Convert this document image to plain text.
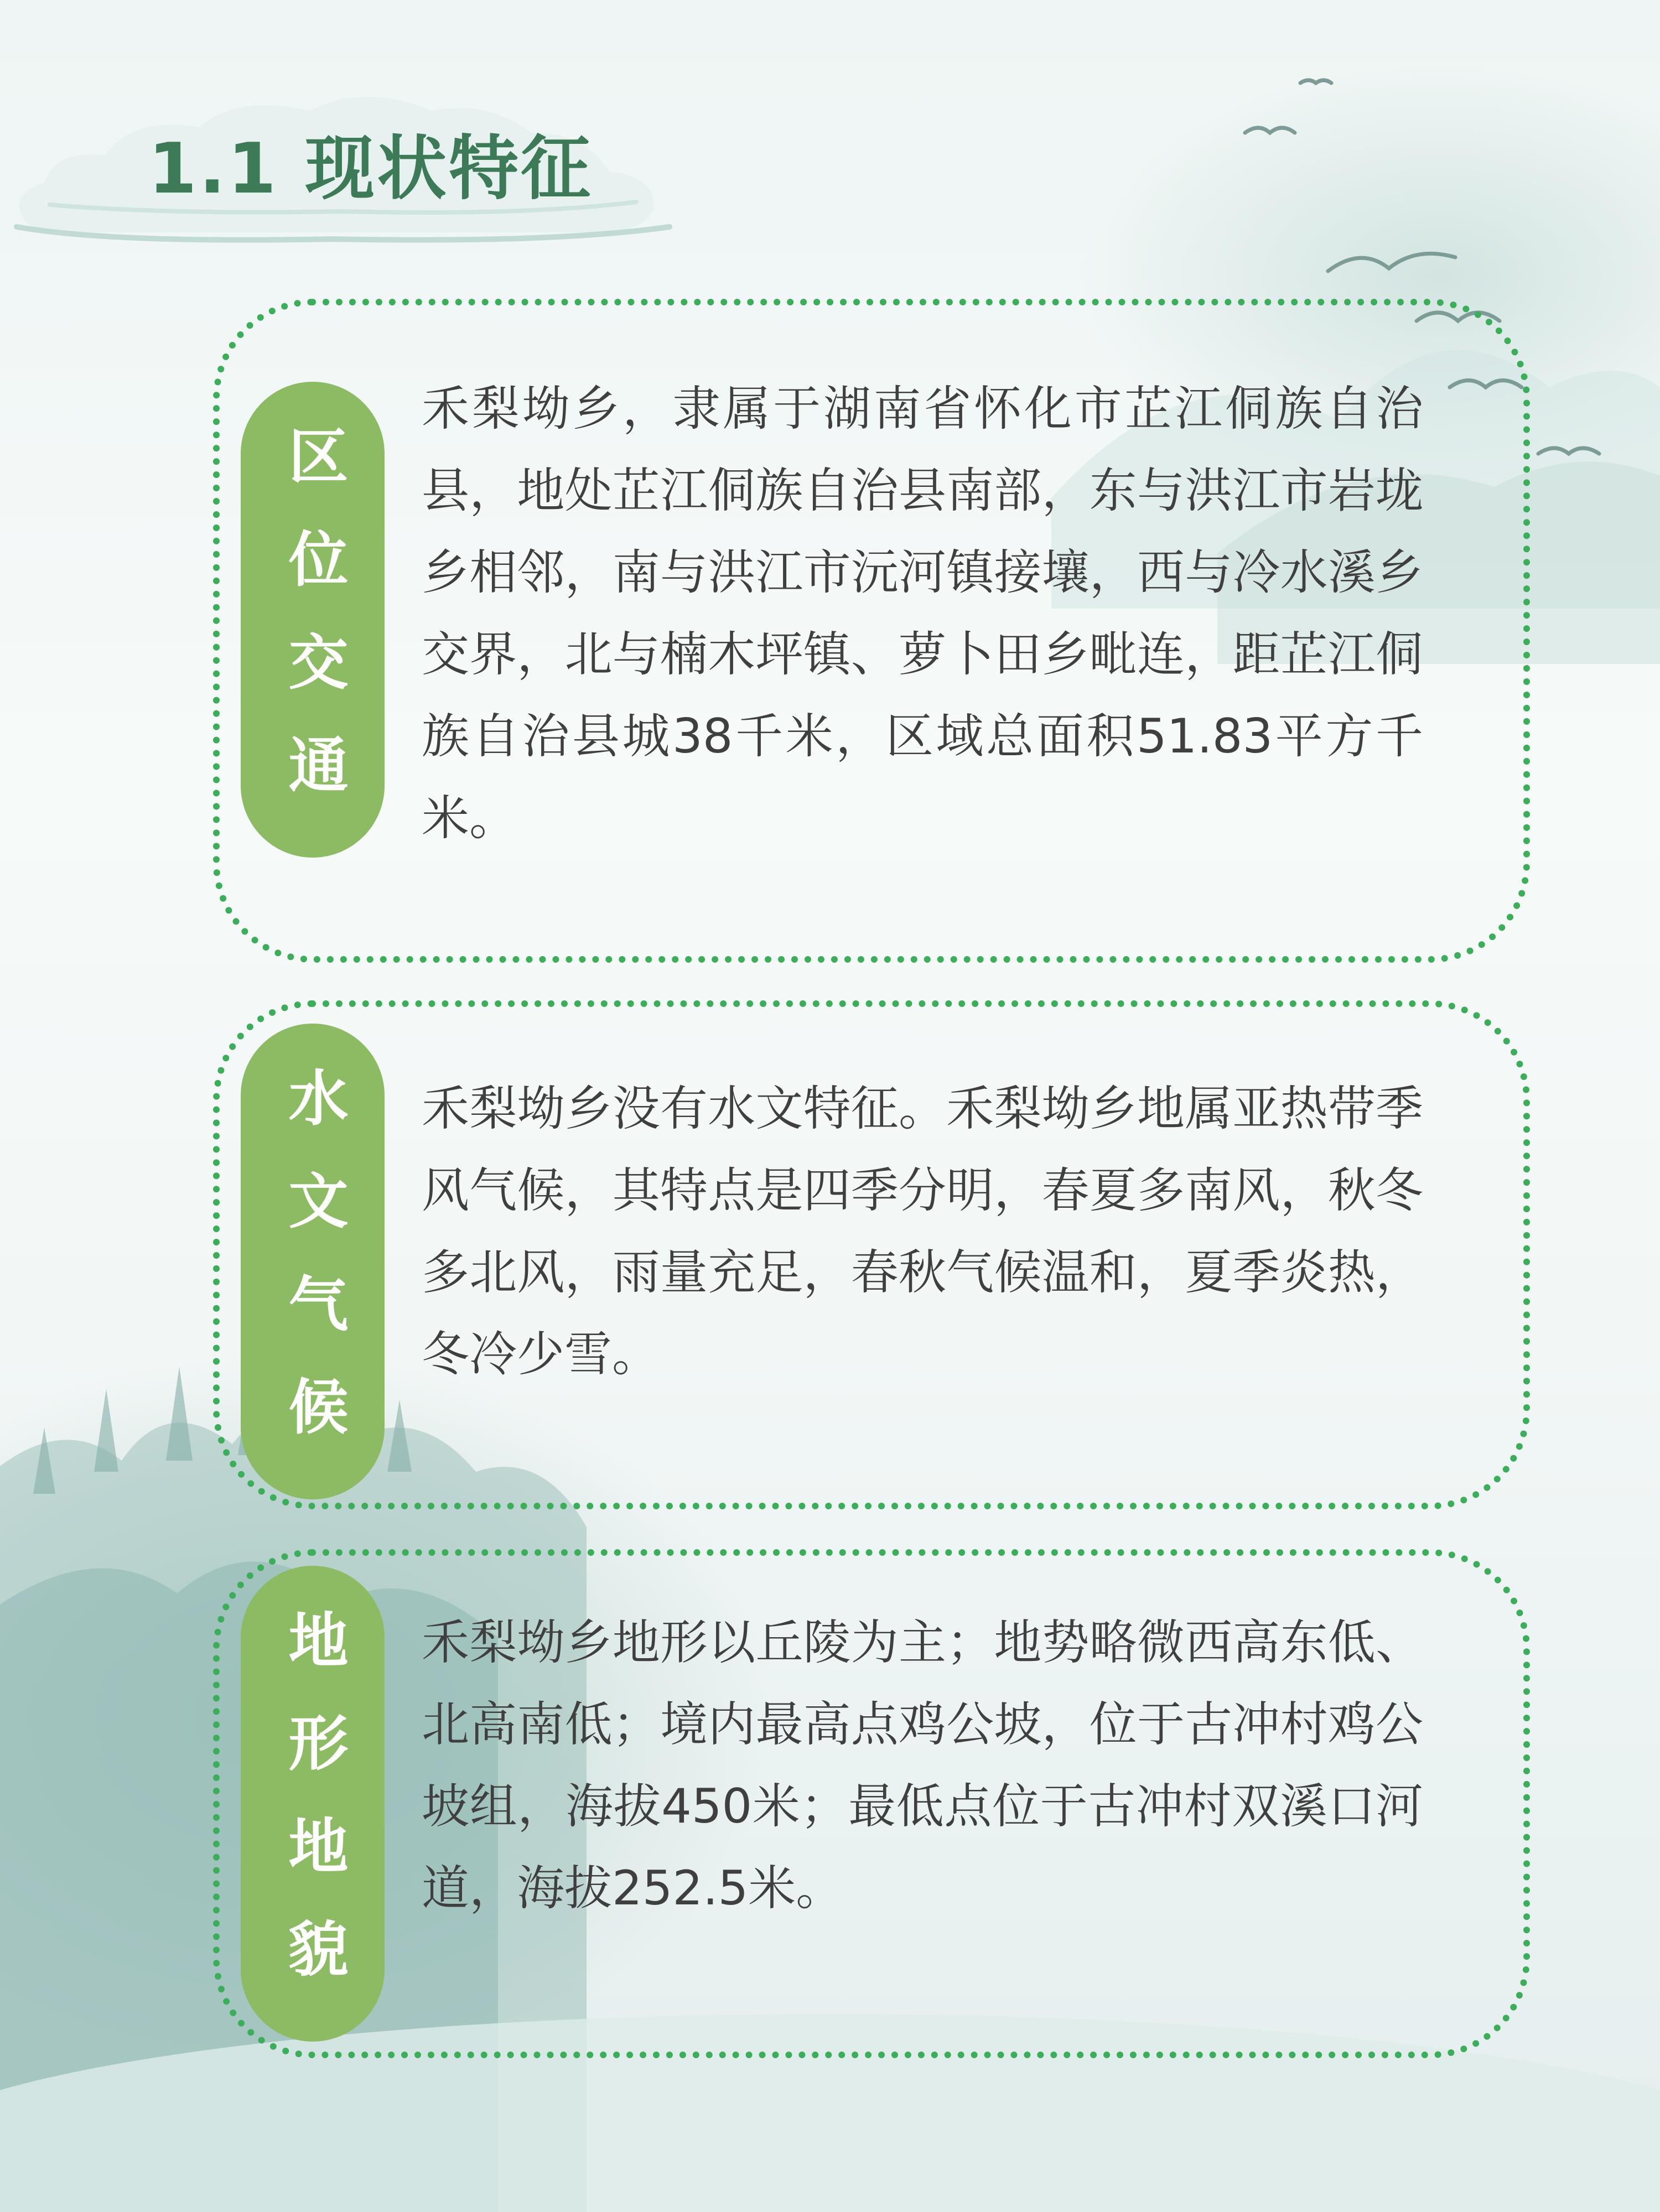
1.1 现状特征
区位交通

禾梨坳乡，隶属于湖南省怀化市芷江侗族自治县，地处芷江侗族自治县南部，东与洪江市岩垅乡相邻，南与洪江市沅河镇接壤，西与冷水溪乡交界，北与楠木坪镇、萝卜田乡毗连，距芷江侗族自治县城38千米，区域总面积51.83平方千米。

水文气候 禾梨坳乡没有水文特征。禾梨坳乡地属亚热带季风气候，其特点是四季分明，春夏多南风，秋冬多北风，雨量充足，春秋气候温和，夏季炎热，冬冷少雪。

地形地貌 禾梨坳乡地形以丘陵为主；地势略微西高东低、北高南低；境内最高点鸡公坡，位于古冲村鸡公坡组，海拔450米；最低点位于古冲村双溪口河道，海拔252.5米。
